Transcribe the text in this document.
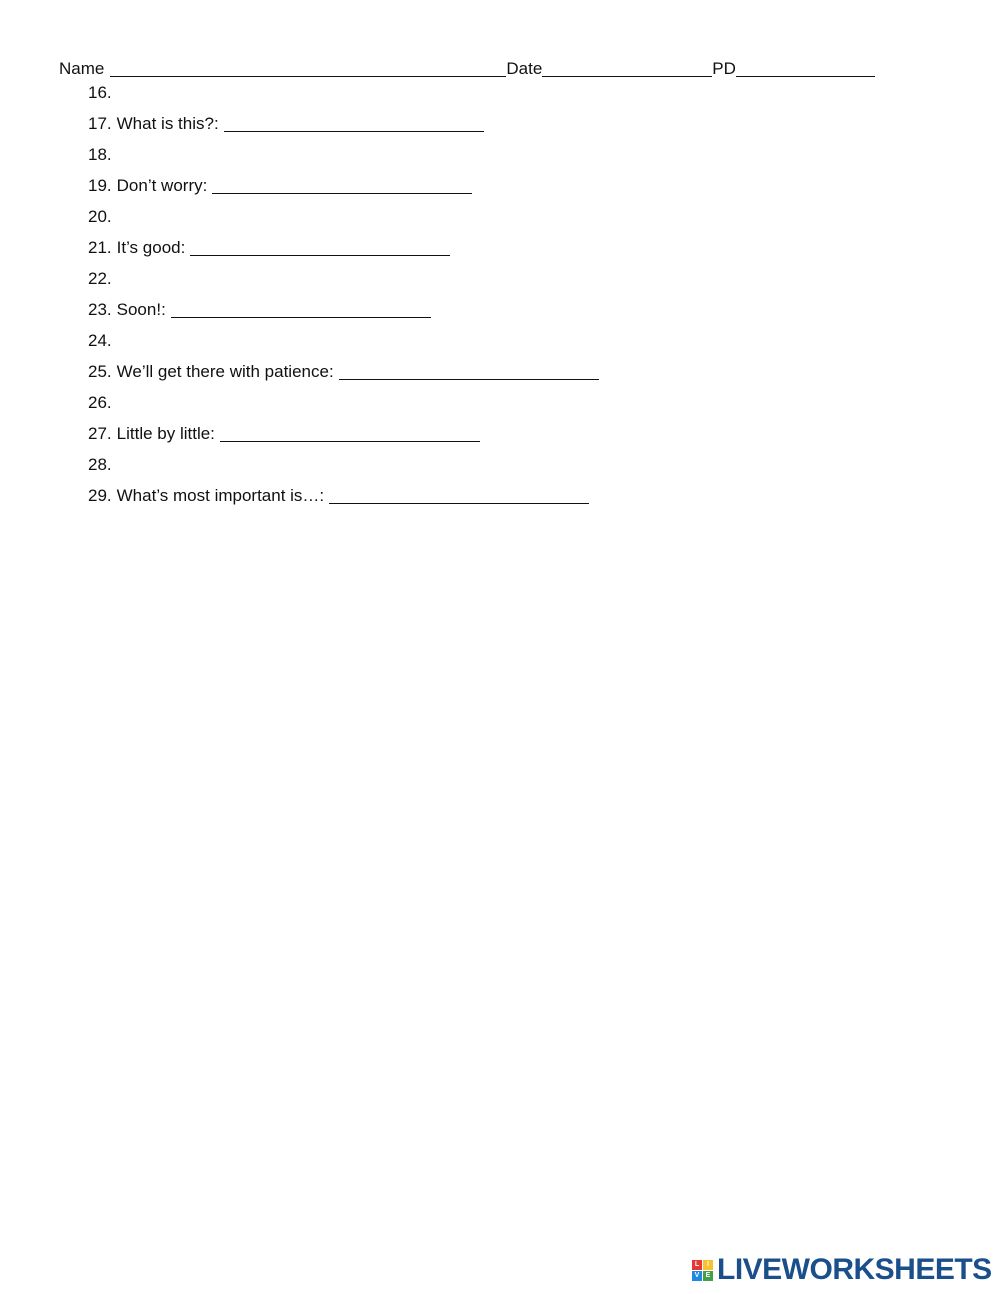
Name	Date	PD
16.
17. What is this?:
18.
19. Don’t worry:
20.
21. It’s good:
22.
23. Soon!:
24.
25. We’ll get there with patience:
26.
27. Little by little:
28.
29. What’s most important is…:
L	I
V E LIVEWORKSHEETS
